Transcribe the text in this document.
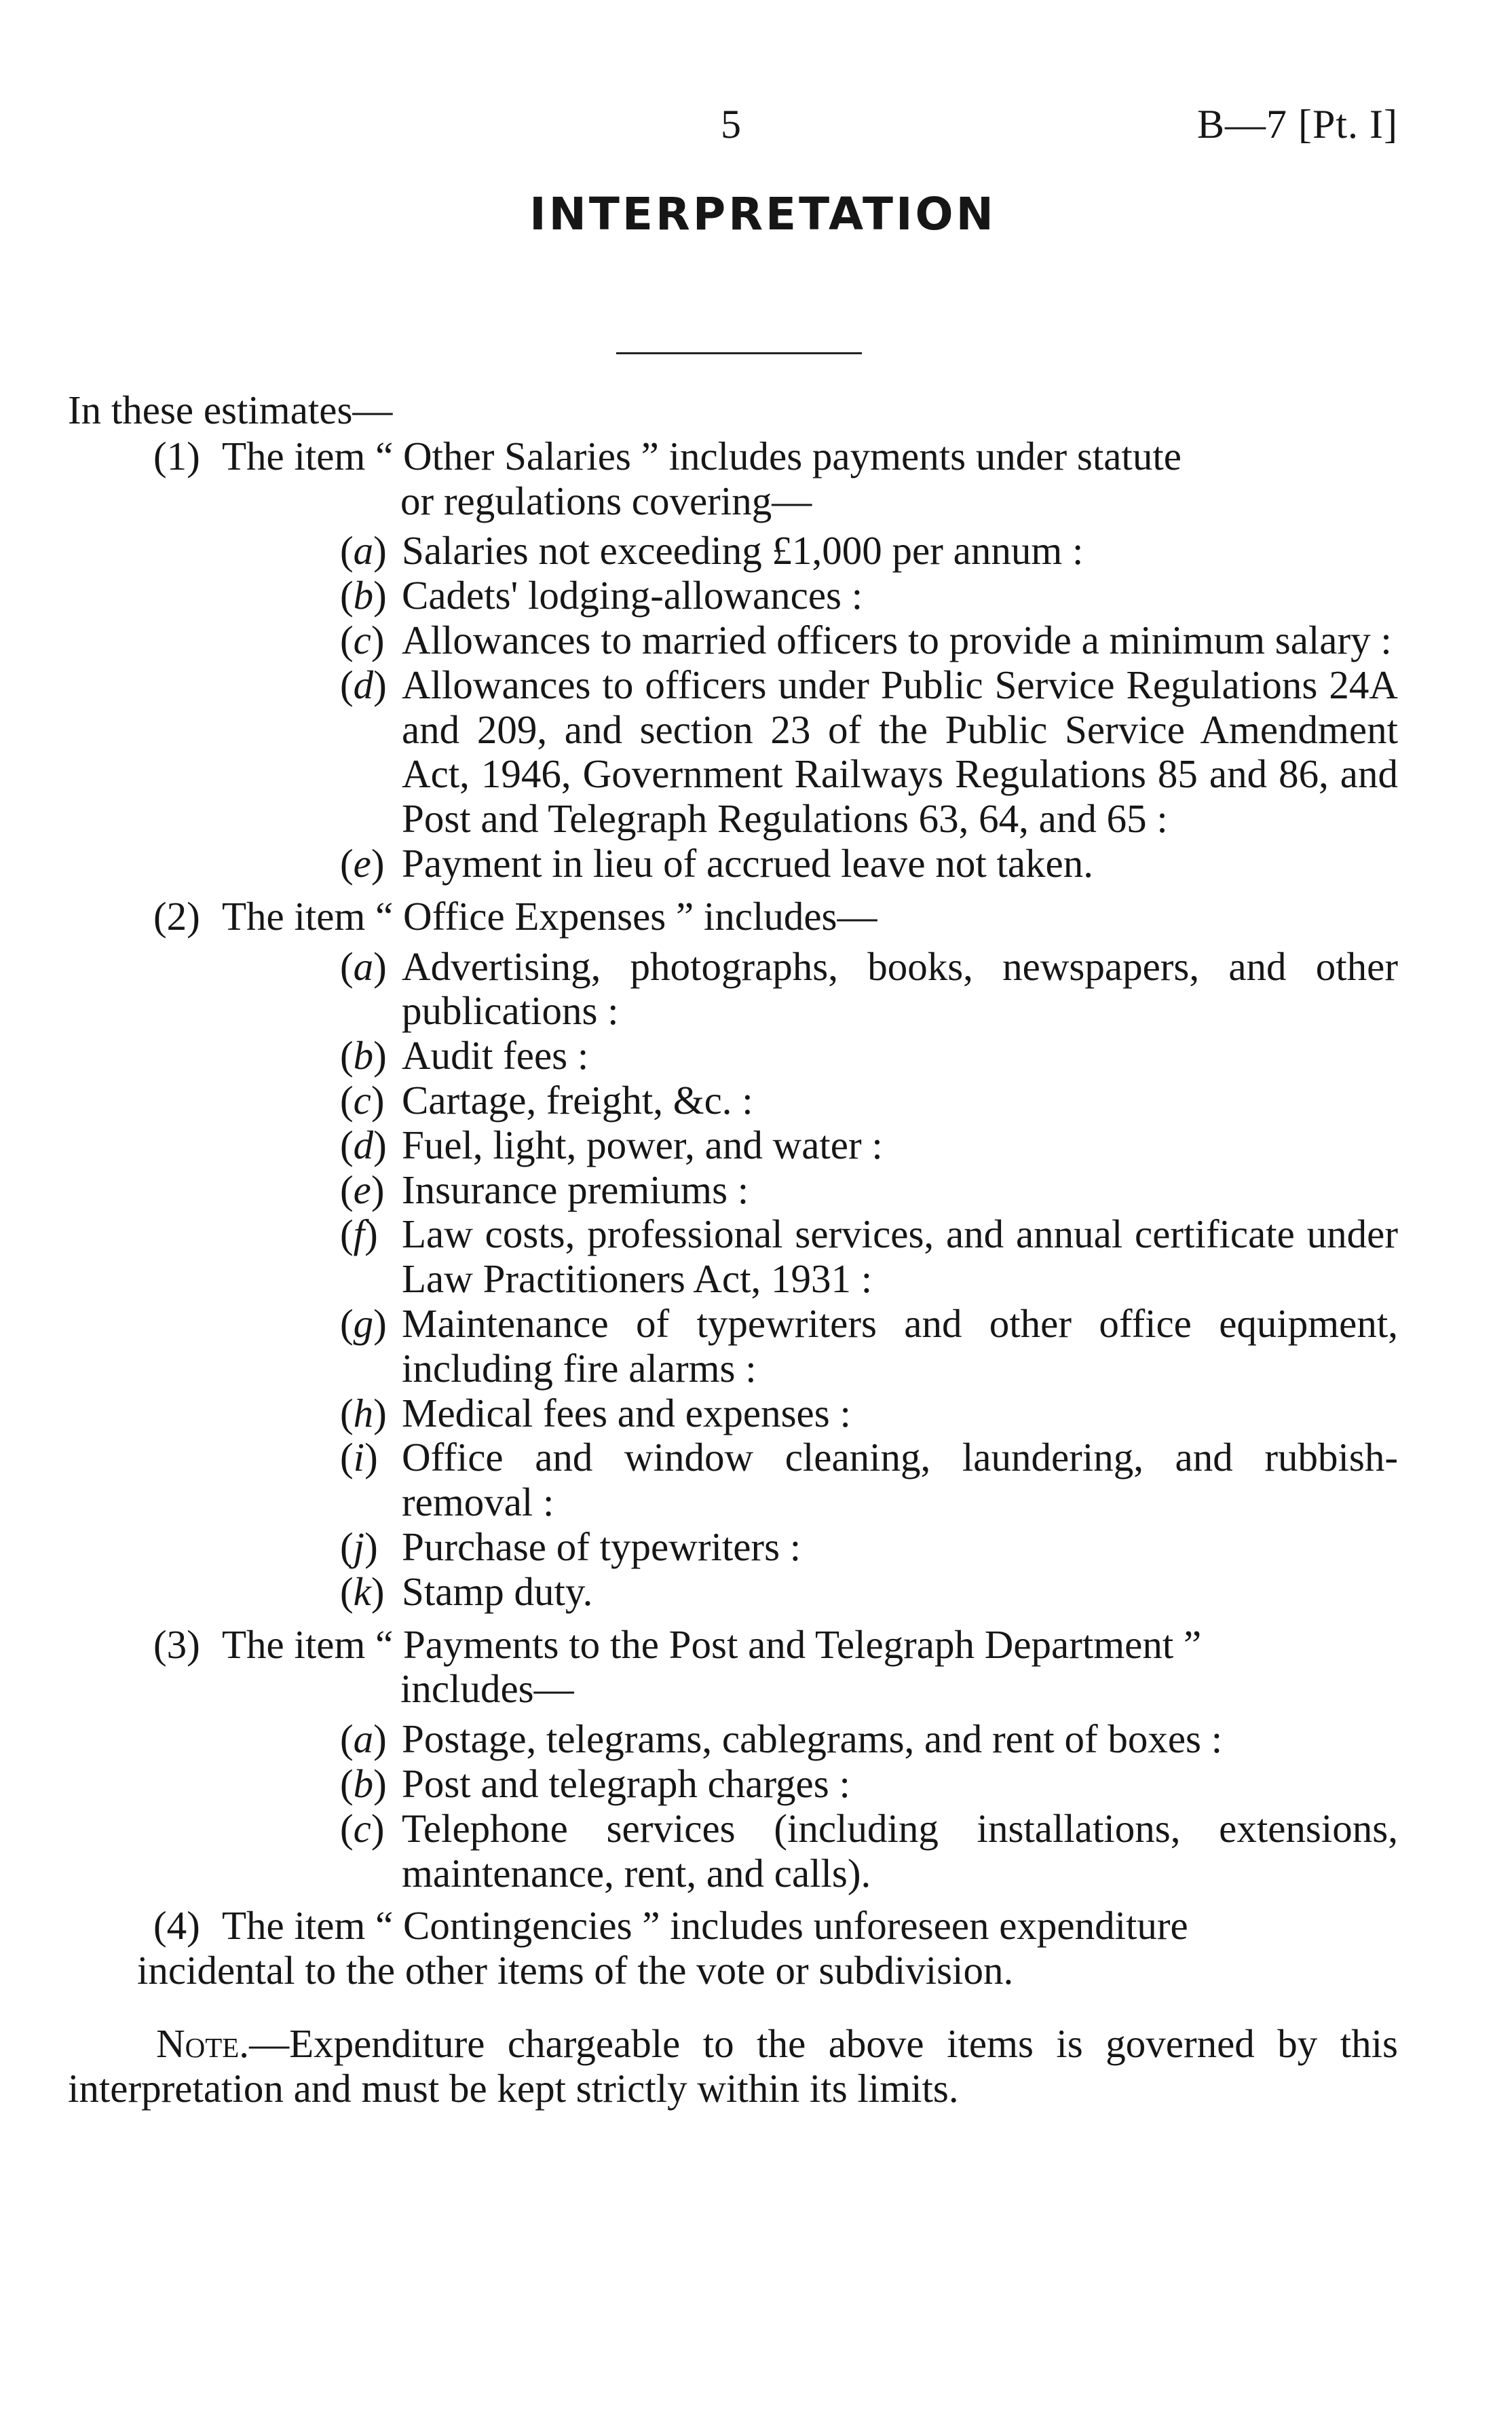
5	B—7 [Pt. I]
INTERPRETATION

In these estimates—

(1) The item “ Other Salaries ” includes payments under statute
or regulations covering—

(a) Salaries not exceeding £1,000 per annum :
(b) Cadets' lodging-allowances :
(c) Allowances to married officers to provide a minimum salary :
(d) Allowances to officers under Public Service Regulations 24A and 209, and section 23 of the Public Service Amendment Act, 1946, Government Railways Regulations 85 and 86, and Post and Telegraph Regulations 63, 64, and 65 :
(e) Payment in lieu of accrued leave not taken.
(2) The item “ Office Expenses ” includes—

(a) Advertising, photographs, books, newspapers, and other publications :
(b) Audit fees :
(c) Cartage, freight, &c. :
(d) Fuel, light, power, and water :
(e) Insurance premiums :
(f) Law costs, professional services, and annual certificate under Law Practitioners Act, 1931 :
(g) Maintenance of typewriters and other office equipment, including fire alarms :
(h) Medical fees and expenses :
(i) Office and window cleaning, laundering, and rubbish-removal :
(j) Purchase of typewriters :
(k) Stamp duty.
(3) The item “ Payments to the Post and Telegraph Department ”
includes—

(a) Postage, telegrams, cablegrams, and rent of boxes :
(b) Post and telegraph charges :
(c) Telephone services (including installations, extensions, maintenance, rent, and calls).
(4) The item “ Contingencies ” includes unforeseen expenditure
incidental to the other items of the vote or subdivision.

Note.—Expenditure chargeable to the above items is governed by this interpretation and must be kept strictly within its limits.
